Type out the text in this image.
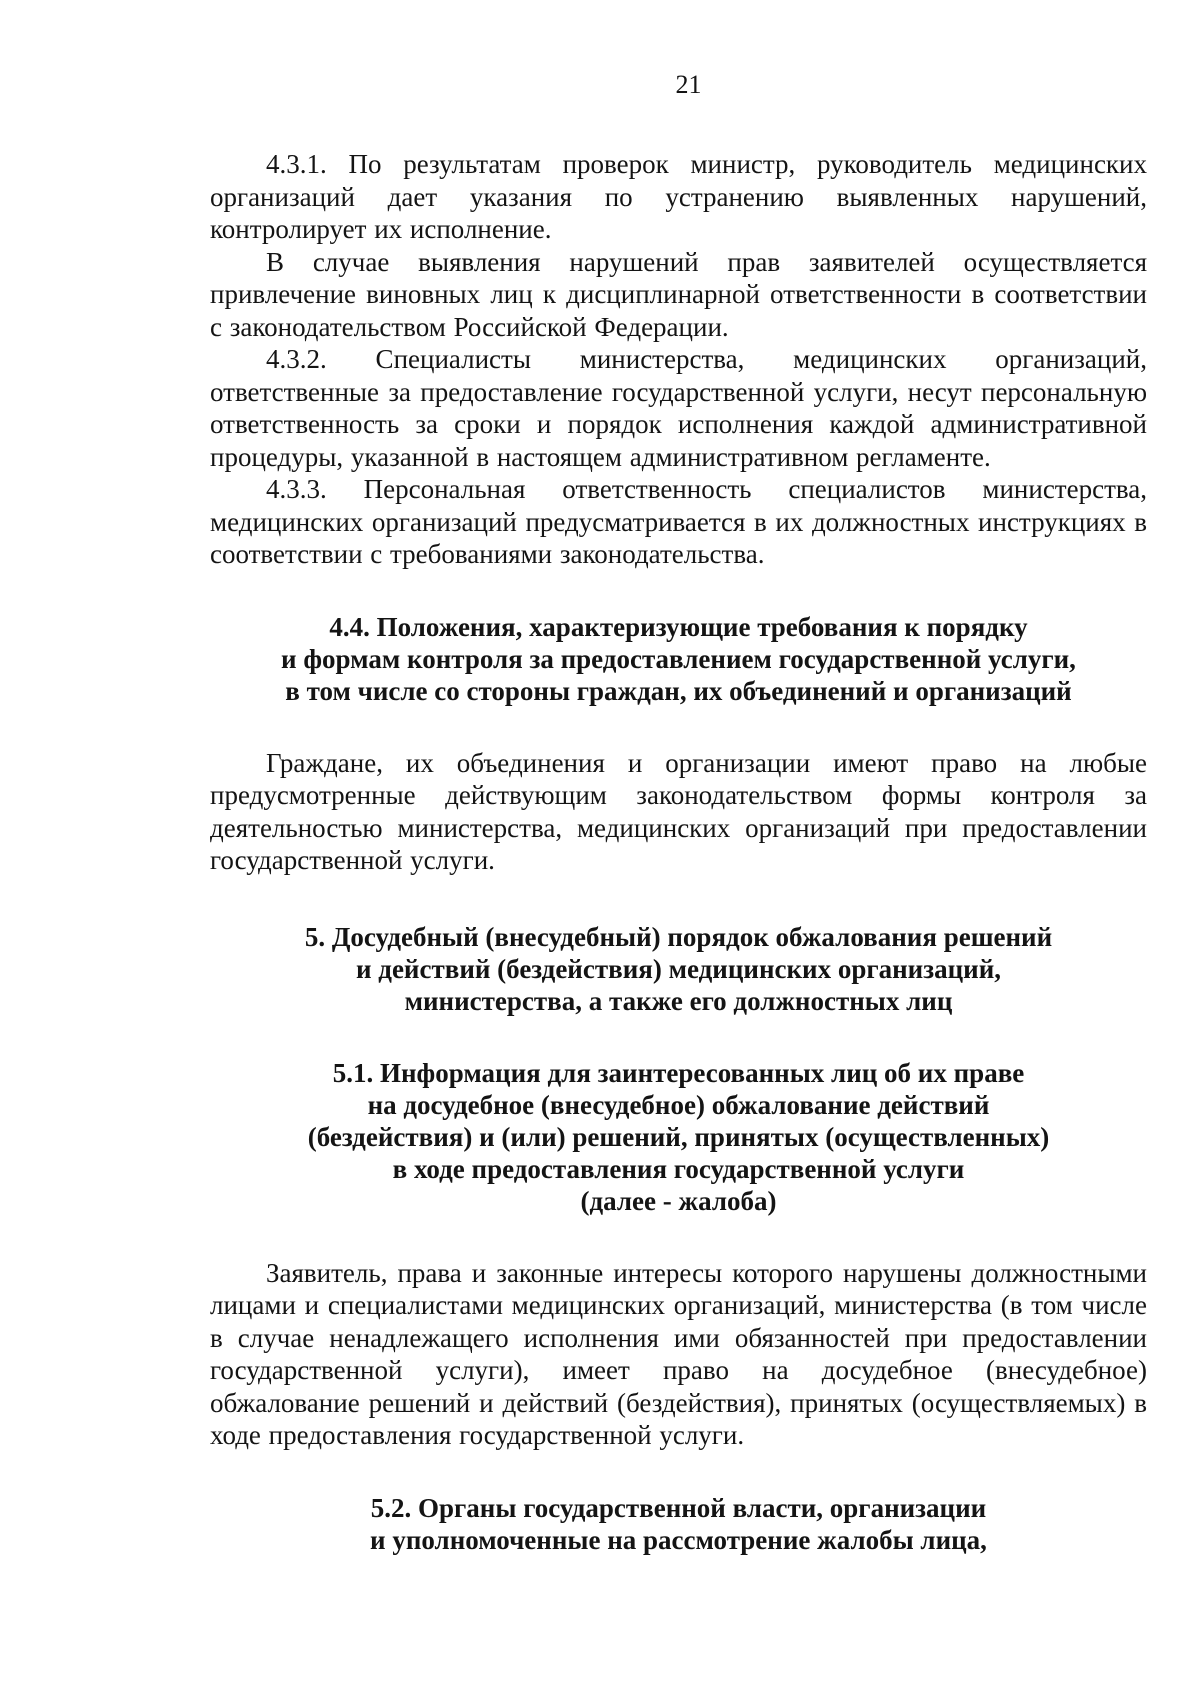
21

4.3.1. По результатам проверок министр, руководитель медицинских организаций дает указания по устранению выявленных нарушений, контролирует их исполнение.

В случае выявления нарушений прав заявителей осуществляется привлечение виновных лиц к дисциплинарной ответственности в соответствии с законодательством Российской Федерации.

4.3.2. Специалисты министерства, медицинских организаций, ответственные за предоставление государственной услуги, несут персональную ответственность за сроки и порядок исполнения каждой административной процедуры, указанной в настоящем административном регламенте.

4.3.3. Персональная ответственность специалистов министерства, медицинских организаций предусматривается в их должностных инструкциях в соответствии с требованиями законодательства.

4.4. Положения, характеризующие требования к порядку
и формам контроля за предоставлением государственной услуги,
в том числе со стороны граждан, их объединений и организаций

Граждане, их объединения и организации имеют право на любые предусмотренные действующим законодательством формы контроля за деятельностью министерства, медицинских организаций при предоставлении государственной услуги.

5. Досудебный (внесудебный) порядок обжалования решений
и действий (бездействия) медицинских организаций,
министерства, а также его должностных лиц
5.1. Информация для заинтересованных лиц об их праве
на досудебное (внесудебное) обжалование действий
(бездействия) и (или) решений, принятых (осуществленных)
в ходе предоставления государственной услуги
(далее - жалоба)

Заявитель, права и законные интересы которого нарушены должностными лицами и специалистами медицинских организаций, министерства (в том числе в случае ненадлежащего исполнения ими обязанностей при предоставлении государственной услуги), имеет право на досудебное (внесудебное) обжалование решений и действий (бездействия), принятых (осуществляемых) в ходе предоставления государственной услуги.

5.2. Органы государственной власти, организации
и уполномоченные на рассмотрение жалобы лица,
